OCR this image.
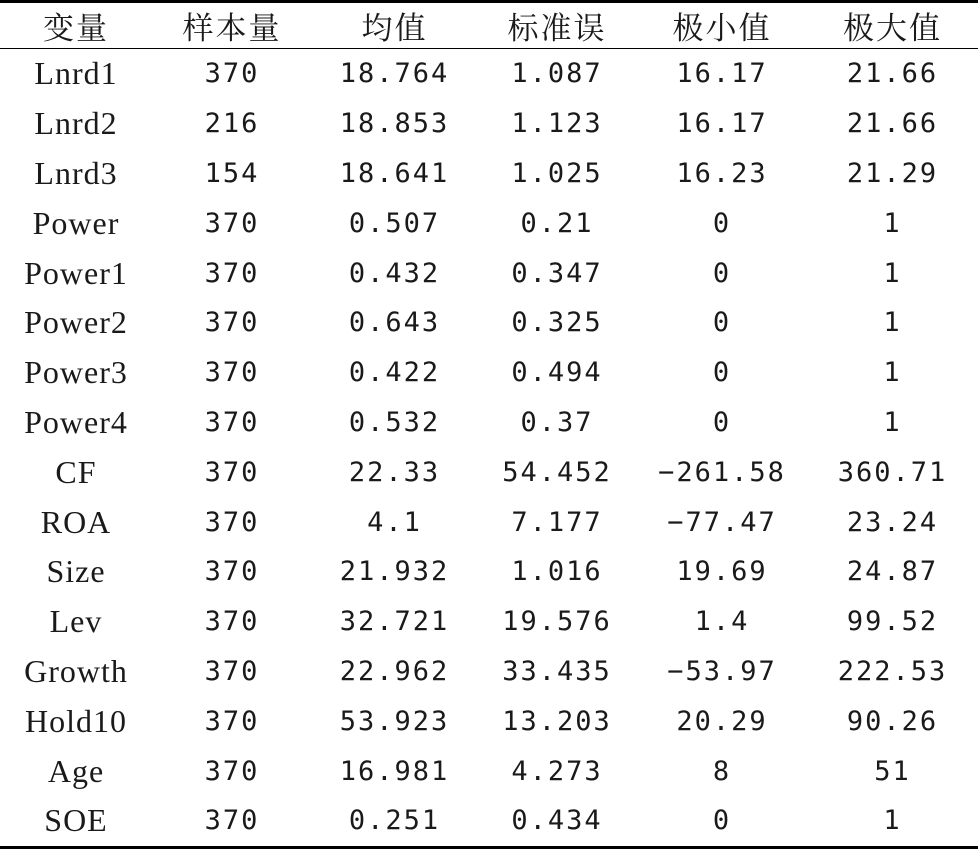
变量	样本量	均值	标准误	极小值	极大值
Lnrd1	370	18.764	1.087	16.17	21.66
Lnrd2	216	18.853	1.123	16.17	21.66
Lnrd3	154	18.641	1.025	16.23	21.29
Power	370	0.507	0.21	0	1
Power1	370	0.432	0.347	0	1
Power2	370	0.643	0.325	0	1
Power3	370	0.422	0.494	0	1
Power4	370	0.532	0.37	0	1
CF	370	22.33	54.452	−261.58	360.71
ROA	370	4.1	7.177	−77.47	23.24
Size	370	21.932	1.016	19.69	24.87
Lev	370	32.721	19.576	1.4	99.52
Growth	370	22.962	33.435	−53.97	222.53
Hold10	370	53.923	13.203	20.29	90.26
Age	370	16.981	4.273	8	51
SOE	370	0.251	0.434	0	1
